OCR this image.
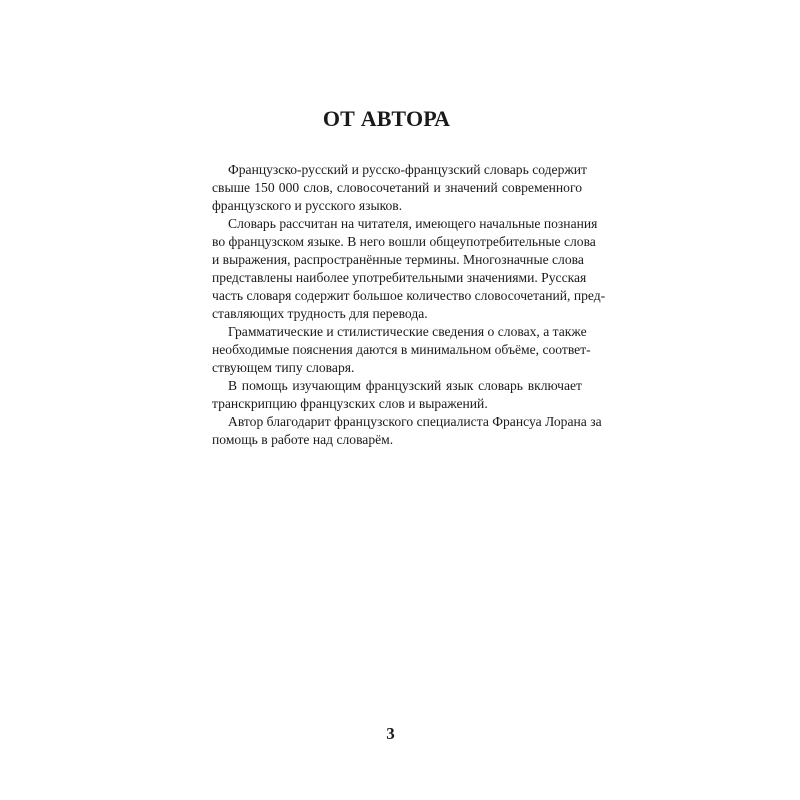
ОТ АВТОРА

Французско-русский и русско-французский словарь содержит
свыше 150 000 слов, словосочетаний и значений современного
французского и русского языков.

Словарь рассчитан на читателя, имеющего начальные познания
во французском языке. В него вошли общеупотребительные слова
и выражения, распространённые термины. Многозначные слова
представлены наиболее употребительными значениями. Русская
часть словаря содержит большое количество словосочетаний, пред-
ставляющих трудность для перевода.

Грамматические и стилистические сведения о словах, а также
необходимые пояснения даются в минимальном объёме, соответ-
ствующем типу словаря.

В помощь изучающим французский язык словарь включает
транскрипцию французских слов и выражений.

Автор благодарит французского специалиста Франсуа Лорана за
помощь в работе над словарём.

3
